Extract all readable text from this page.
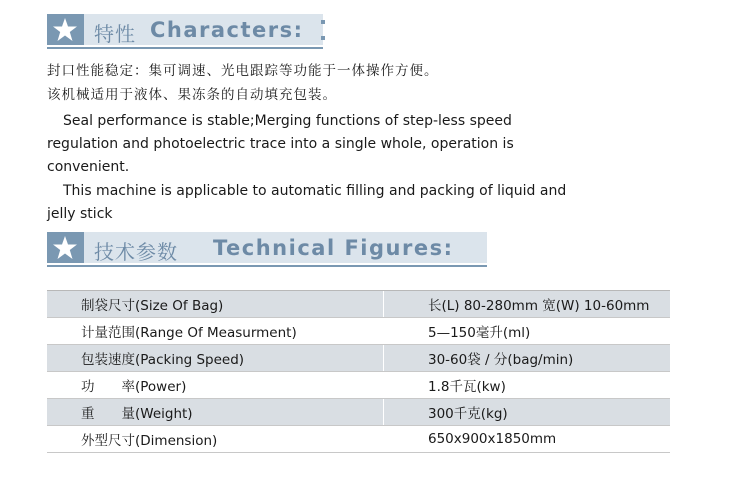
特性 Characters:
封口性能稳定：集可调速、光电跟踪等功能于一体操作方便。
该机械适用于液体、果冻条的自动填充包装。
Seal performance is stable;Merging functions of step-less speed regulation and photoelectric trace into a single whole, operation is convenient.
This machine is applicable to automatic filling and packing of liquid and jelly stick
技术参数 Technical Figures:
制袋尺寸(Size Of Bag)	长(L) 80-280mm 宽(W) 10-60mm
计量范围(Range Of Measurment)	5—150毫升(ml)
包装速度(Packing Speed)	30-60袋 / 分(bag/min)
功　　率(Power)	1.8千瓦(kw)
重　　量(Weight)	300千克(kg)
外型尺寸(Dimension)	650x900x1850mm
